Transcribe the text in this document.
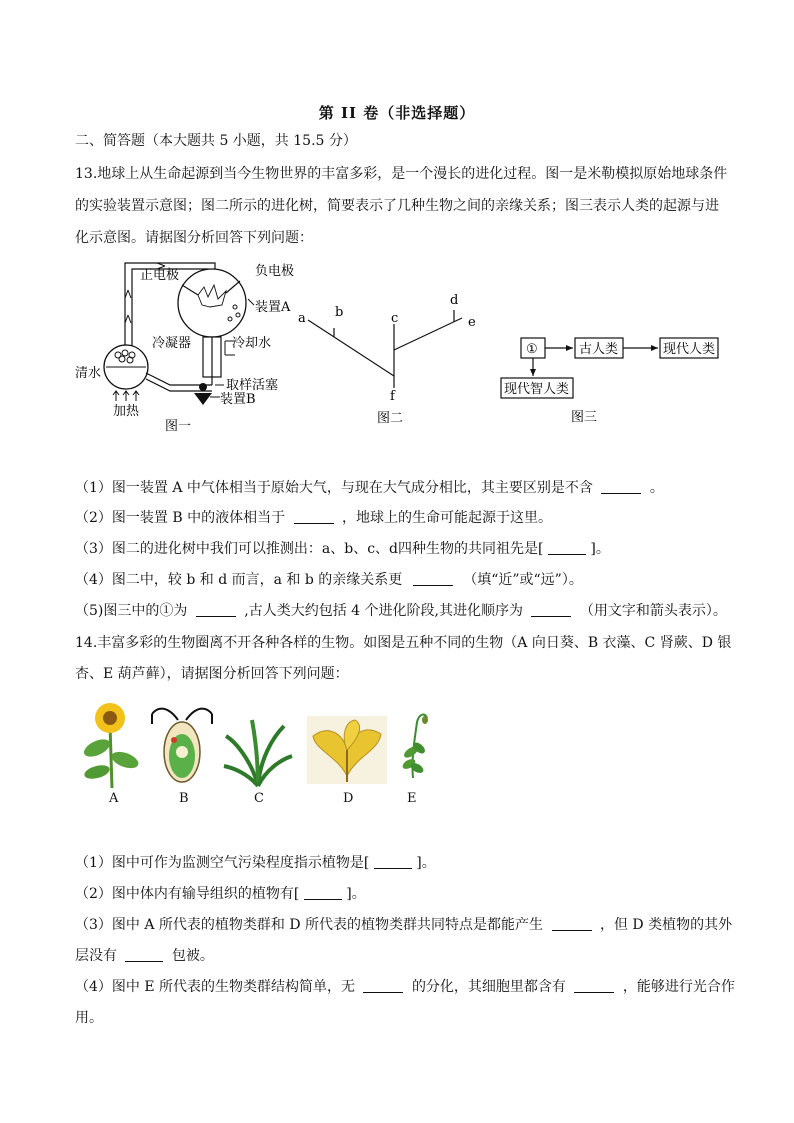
第 II 卷（非选择题）
二、简答题（本大题共 5 小题，共 15.5 分）
13.地球上从生命起源到当今生物世界的丰富多彩，是一个漫长的进化过程。图一是米勒模拟原始地球条件
的实验装置示意图；图二所示的进化树，简要表示了几种生物之间的亲缘关系；图三表示人类的起源与进
化示意图。请据图分析回答下列问题：
正电极	负电极
装置A
冷凝器	冷却水
清水
加热
取样活塞
装置B
图一
a b	c
d
e
f
图二
①	古人类	现代人类
现代智人类
图三
（1）图一装置 A 中气体相当于原始大气，与现在大气成分相比，其主要区别是不含	。
（2）图一装置 B 中的液体相当于	，地球上的生命可能起源于这里。
（3）图二的进化树中我们可以推测出：a、b、c、d四种生物的共同祖先是[	]。
（4）图二中，较 b 和 d 而言，a 和 b 的亲缘关系更	（填“近”或“远”）。
（5)图三中的①为	,古人类大约包括 4 个进化阶段,其进化顺序为	（用文字和箭头表示）。
14.丰富多彩的生物圈离不开各种各样的生物。如图是五种不同的生物（A 向日葵、B 衣藻、C 肾蕨、D 银
杏、E 葫芦藓），请据图分析回答下列问题：
A	B	C	D	E
（1）图中可作为监测空气污染程度指示植物是[	]。
（2）图中体内有输导组织的植物有[	]。
（3）图中 A 所代表的植物类群和 D 所代表的植物类群共同特点是都能产生	，但 D 类植物的其外
层没有	包被。
（4）图中 E 所代表的生物类群结构简单，无	的分化，其细胞里都含有	，能够进行光合作
用。
